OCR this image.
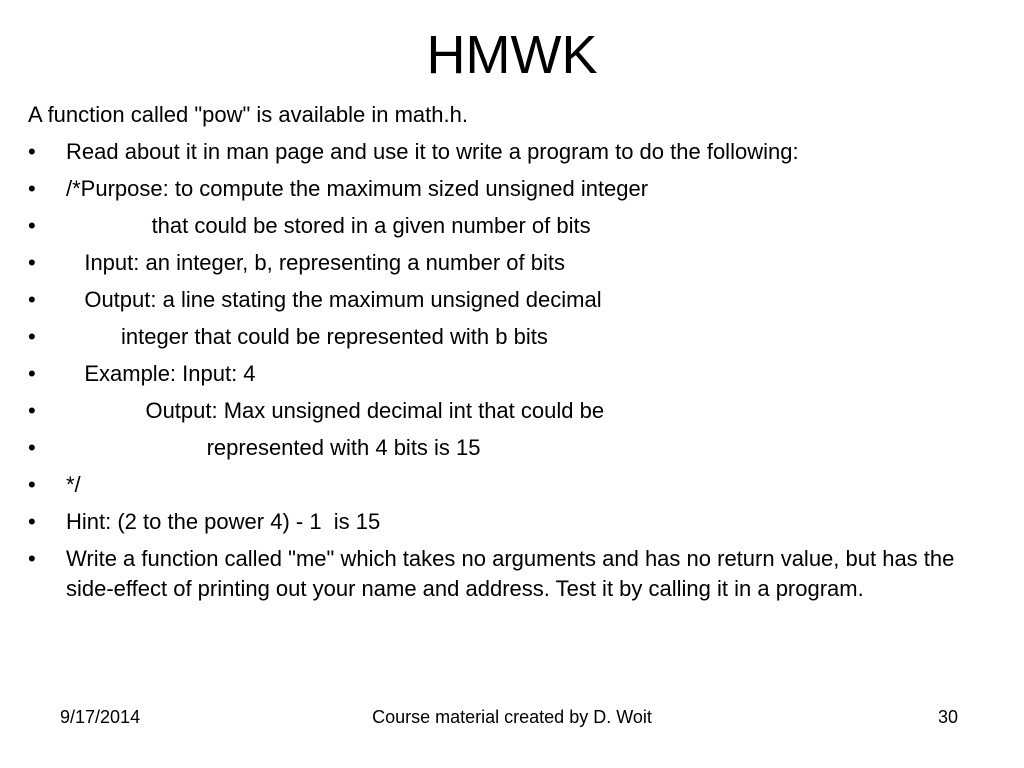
HMWK
A function called "pow" is available in math.h.
•	Read about it in man page and use it to write a program to do the following:
•	/*Purpose: to compute the maximum sized unsigned integer
•	that could be stored in a given number of bits
•	Input: an integer, b, representing a number of bits
•	Output: a line stating the maximum unsigned decimal
•	integer that could be represented with b bits
•	Example: Input: 4
•	Output: Max unsigned decimal int that could be
•	represented with 4 bits is 15
•	*/
•	Hint: (2 to the power 4) - 1  is 15
•	Write a function called "me" which takes no arguments and has no return value, but has the side-effect of printing out your name and address. Test it by calling it in a program.
9/17/2014	Course material created by D. Woit	30
